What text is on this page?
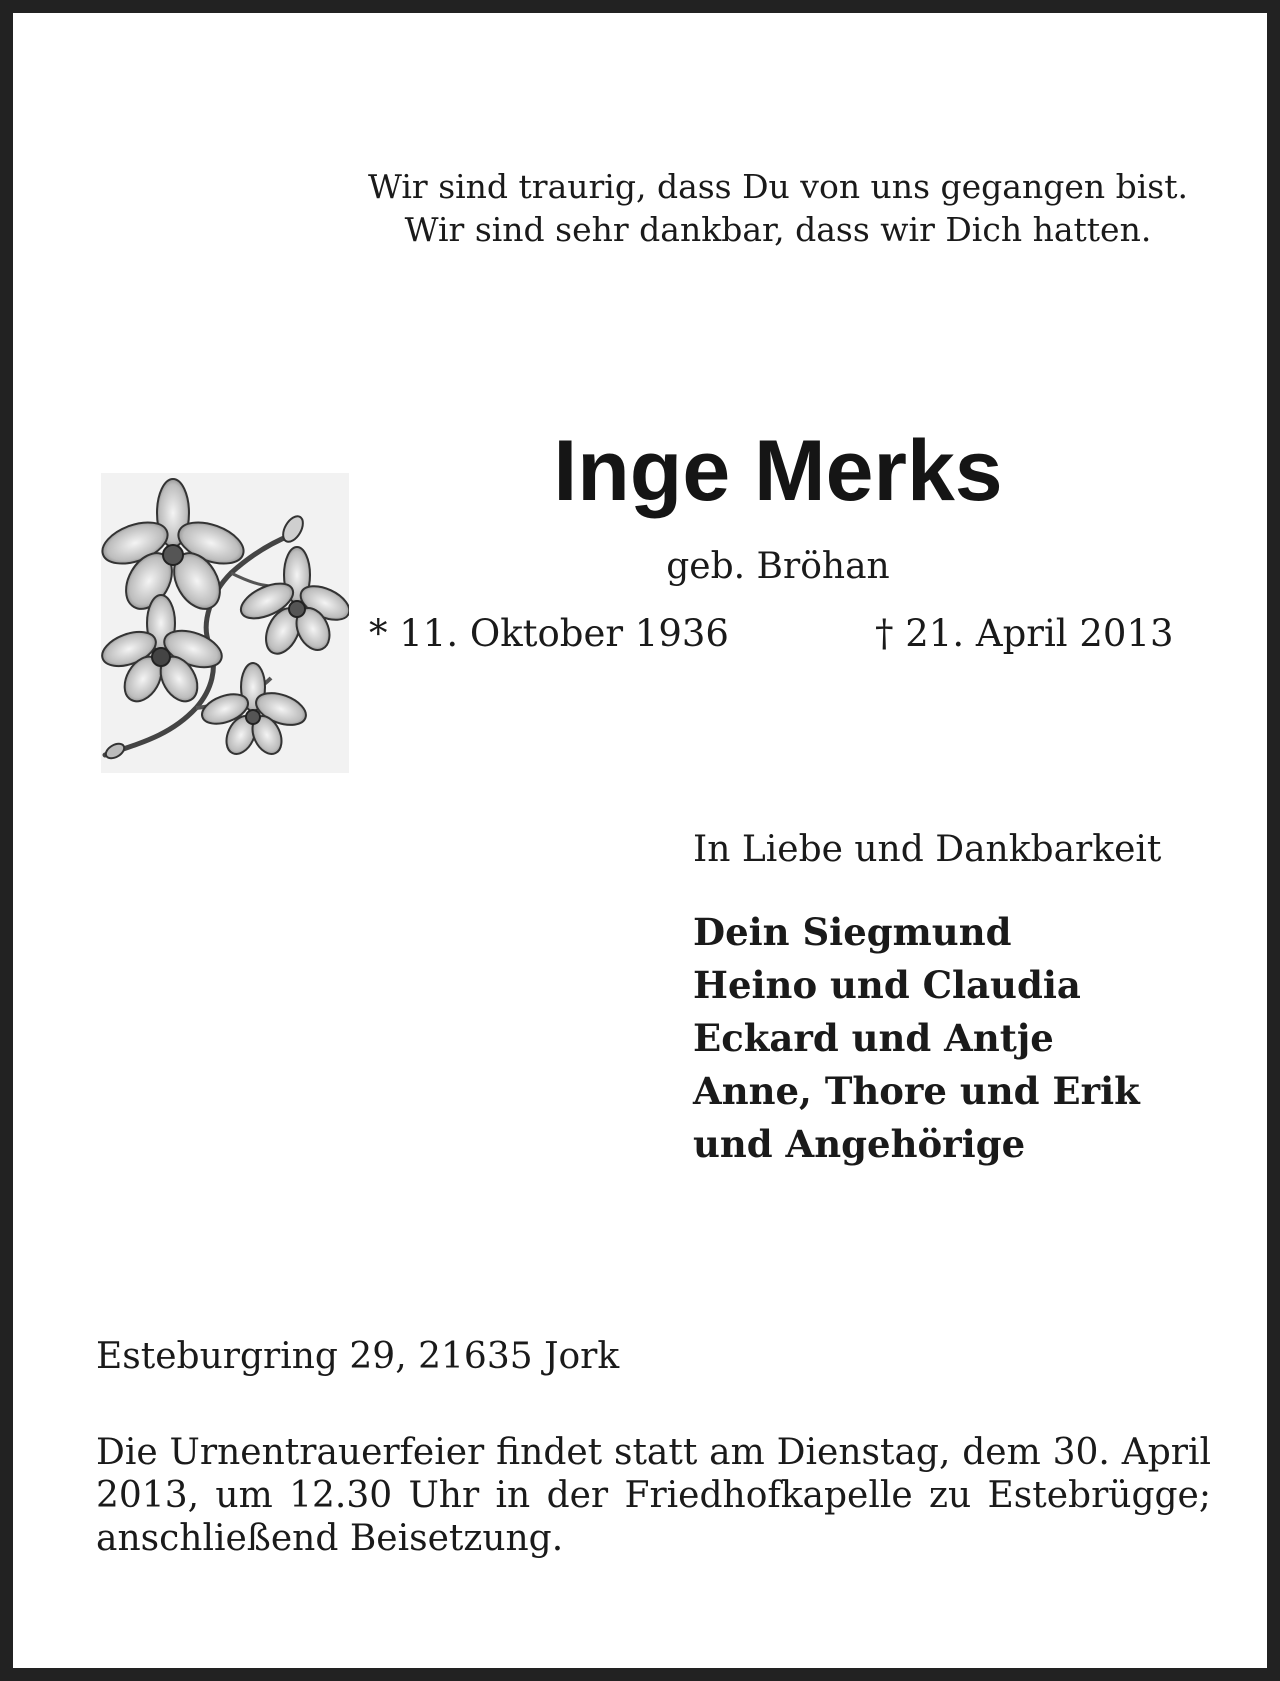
Wir sind traurig, dass Du von uns gegangen bist.
Wir sind sehr dankbar, dass wir Dich hatten.
Inge Merks
geb. Bröhan
* 11. Oktober 1936	† 21. April 2013
In Liebe und Dankbarkeit
Dein Siegmund
Heino und Claudia
Eckard und Antje
Anne, Thore und Erik
und Angehörige
Esteburgring 29, 21635 Jork
Die Urnentrauerfeier findet statt am Dienstag, dem 30. April 2013, um 12.30 Uhr in der Friedhofkapelle zu Estebrügge; anschließend Beisetzung.
